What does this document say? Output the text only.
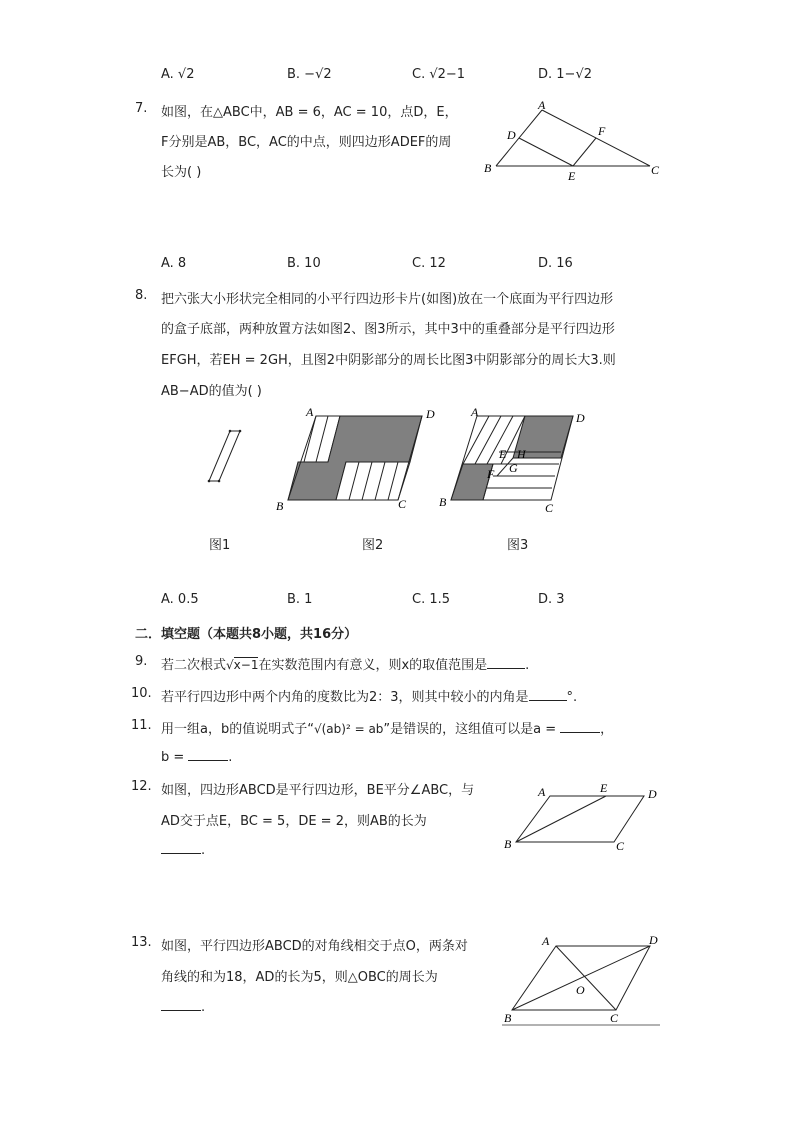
A. √2	B. −√2	C. √2−1	D. 1−√2
7. 如图，在△ABC中，AB = 6，AC = 10，点D，E，
F分别是AB，BC，AC的中点，则四边形ADEF的周
长为( )
A
B	C
D
E
F
A. 8	B. 10	C. 12	D. 16
8. 把六张大小形状完全相同的小平行四边形卡片(如图)放在一个底面为平行四边形
的盒子底部，两种放置方法如图2、图3所示，其中3中的重叠部分是平行四边形
EFGH，若EH = 2GH，且图2中阴影部分的周长比图3中阴影部分的周长大3.则
AB−AD的值为( )
A
B	C
D	A
B	C
D
E H
F G
图1	图2	图3
A. 0.5	B. 1	C. 1.5	D. 3
二．填空题（本题共8小题，共16分）
9. 若二次根式√x−1在实数范围内有意义，则x的取值范围是	.
10. 若平行四边形中两个内角的度数比为2：3，则其中较小的内角是	°.
11. 用一组a，b的值说明式子“√(ab)² = ab”是错误的，这组值可以是a =	，
b =	.
12. 如图，四边形ABCD是平行四边形，BE平分∠ABC，与
AD交于点E，BC = 5，DE = 2，则AB的长为
.
A	E	D
B	C
13. 如图，平行四边形ABCD的对角线相交于点O，两条对
角线的和为18，AD的长为5，则△OBC的周长为
.
A	D
O
B	C
